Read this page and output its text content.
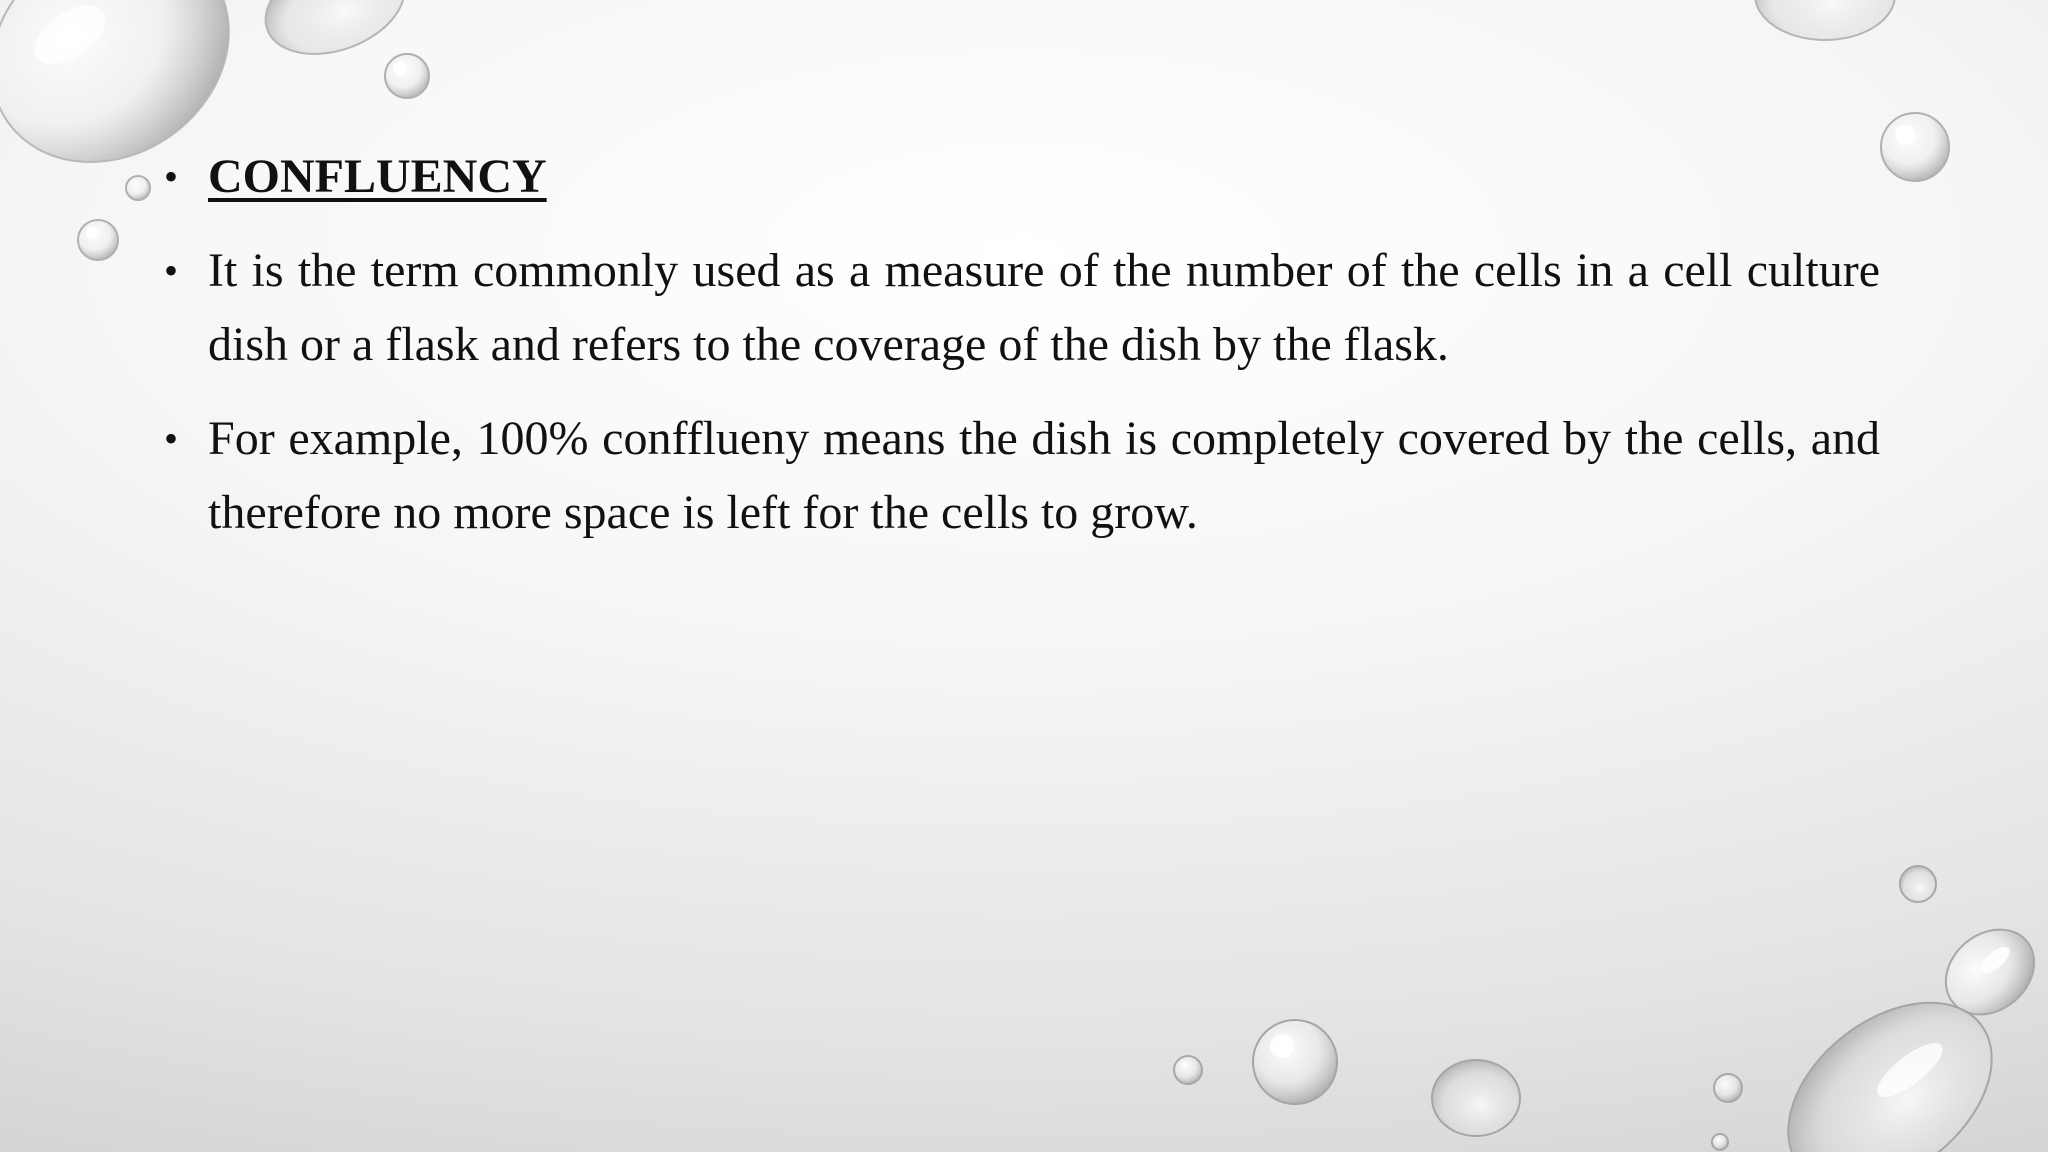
• CONFLUENCY
• It is the term commonly used as a measure of the number of the cells in a cell culture dish or a flask and refers to the coverage of the dish by the flask.
• For example, 100% confflueny means the dish is completely covered by the cells, and therefore no more space is left for the cells to grow.
